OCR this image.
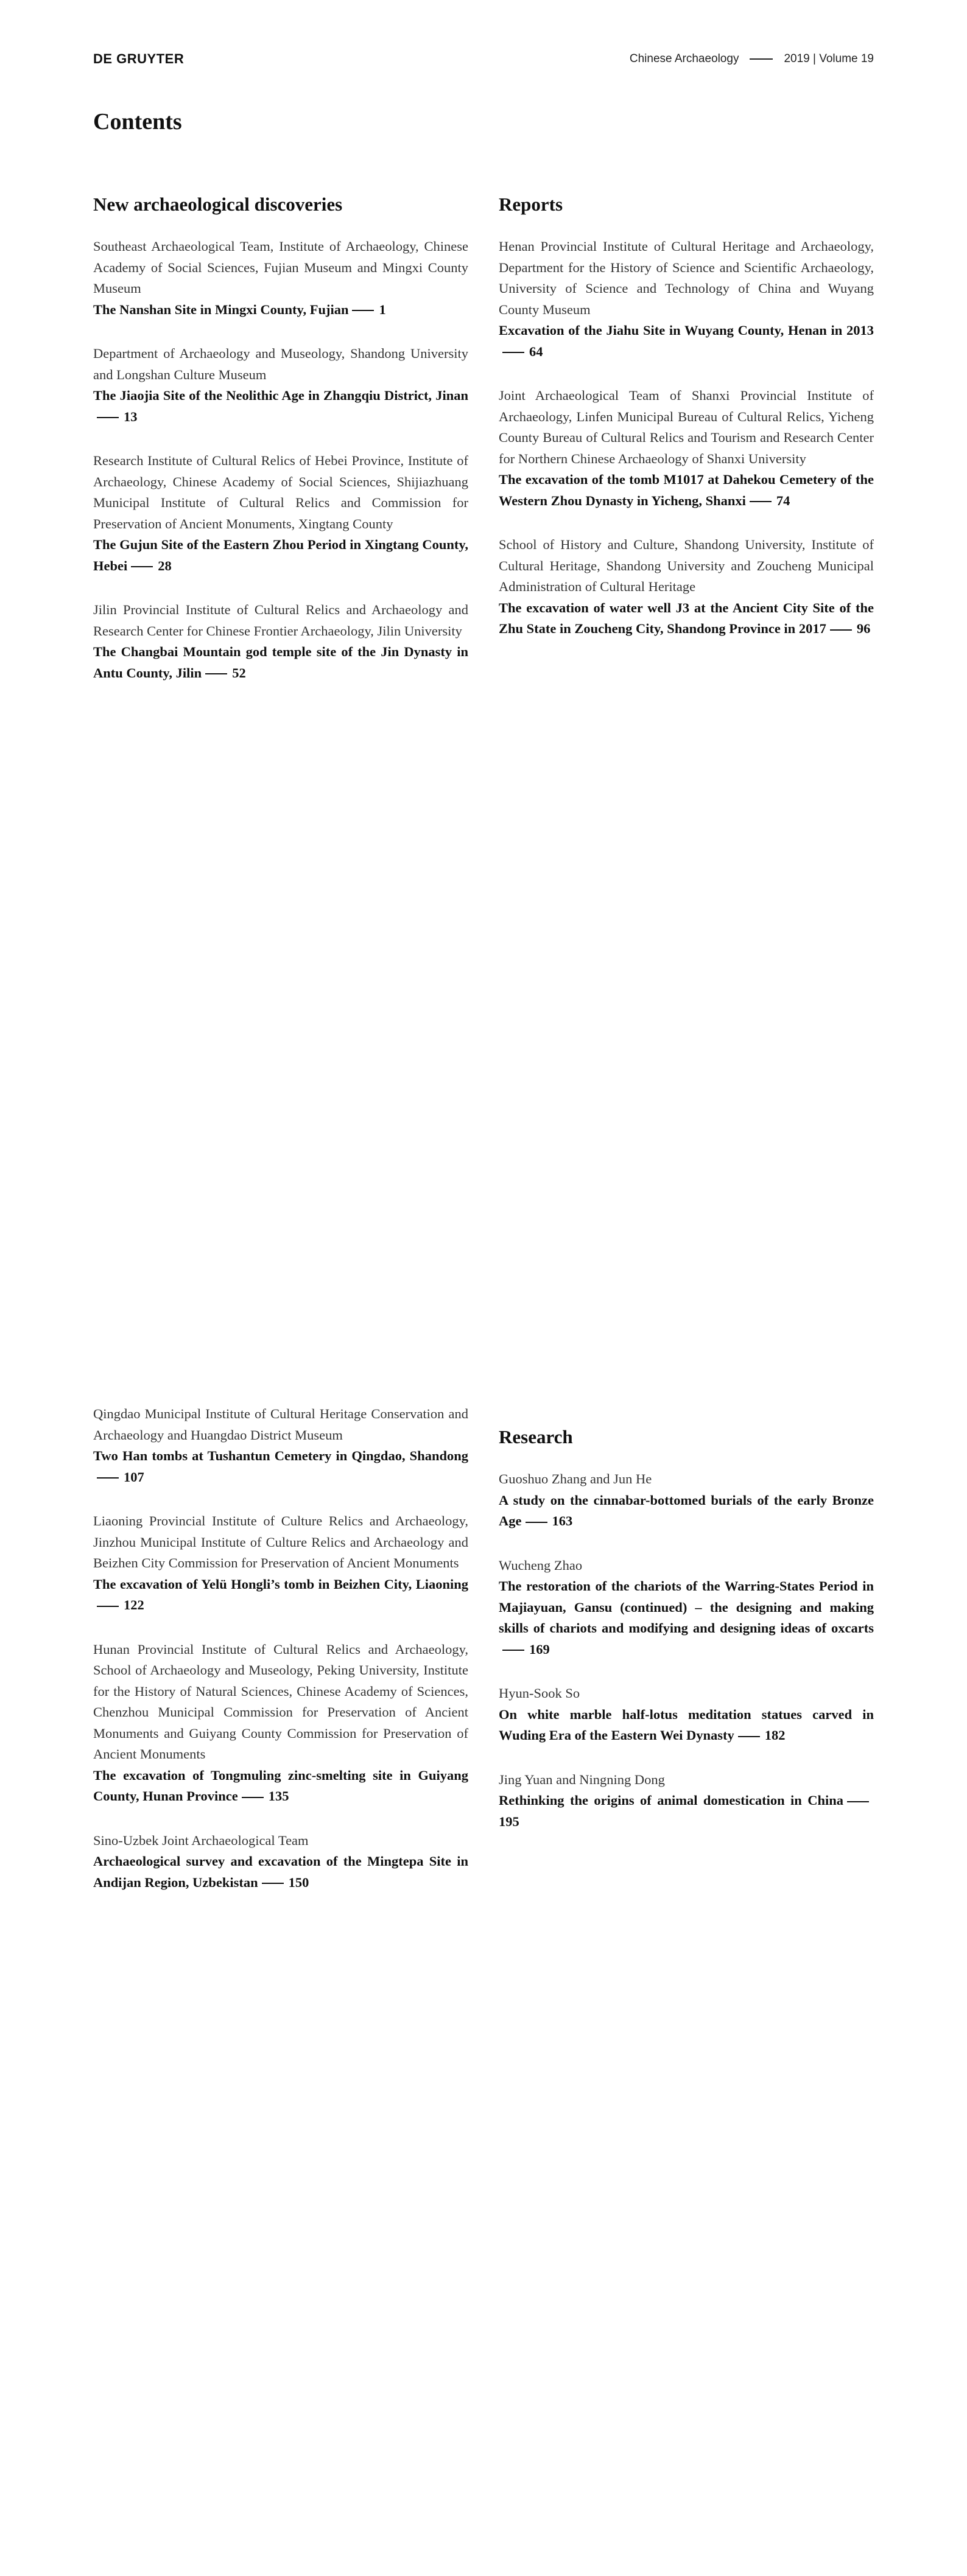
DE GRUYTER	Chinese Archaeology	2019 | Volume 19
Contents
New archaeological discoveries
Southeast Archaeological Team, Institute of Archaeology, Chinese Academy of Social Sciences, Fujian Museum and Mingxi County Museum
The Nanshan Site in Mingxi County, Fujian 1
Department of Archaeology and Museology, Shandong University and Longshan Culture Museum
The Jiaojia Site of the Neolithic Age in Zhangqiu District, Jinan13
Research Institute of Cultural Relics of Hebei Province, Institute of Archaeology, Chinese Academy of Social Sciences, Shijiazhuang Municipal Institute of Cultural Relics and Commission for Preservation of Ancient Monuments, Xingtang County
The Gujun Site of the Eastern Zhou Period in Xingtang County, Hebei 28
Jilin Provincial Institute of Cultural Relics and Archaeology and Research Center for Chinese Frontier Archaeology, Jilin University
The Changbai Mountain god temple site of the Jin Dynasty in Antu County, Jilin 52
Reports
Henan Provincial Institute of Cultural Heritage and Archaeology, Department for the History of Science and Scientific Archaeology, University of Science and Technology of China and Wuyang County Museum
Excavation of the Jiahu Site in Wuyang County, Henan in 201364
Joint Archaeological Team of Shanxi Provincial Institute of Archaeology, Linfen Municipal Bureau of Cultural Relics, Yicheng County Bureau of Cultural Relics and Tourism and Research Center for Northern Chinese Archaeology of Shanxi University
The excavation of the tomb M1017 at Dahekou Cemetery of the Western Zhou Dynasty in Yicheng, Shanxi 74
School of History and Culture, Shandong University, Institute of Cultural Heritage, Shandong University and Zoucheng Municipal Administration of Cultural Heritage
The excavation of water well J3 at the Ancient City Site of the Zhu State in Zoucheng City, Shandong Province in 2017 96
Qingdao Municipal Institute of Cultural Heritage Conservation and Archaeology and Huangdao District Museum
Two Han tombs at Tushantun Cemetery in Qingdao, Shandong107
Liaoning Provincial Institute of Culture Relics and Archaeology, Jinzhou Municipal Institute of Culture Relics and Archaeology and Beizhen City Commission for Preservation of Ancient Monuments
The excavation of Yelü Hongli’s tomb in Beizhen City, Liaoning122
Hunan Provincial Institute of Cultural Relics and Archaeology, School of Archaeology and Museology, Peking University, Institute for the History of Natural Sciences, Chinese Academy of Sciences, Chenzhou Municipal Commission for Preservation of Ancient Monuments and Guiyang County Commission for Preservation of Ancient Monuments
The excavation of Tongmuling zinc-smelting site in Guiyang County, Hunan Province 135
Sino-Uzbek Joint Archaeological Team
Archaeological survey and excavation of the Mingtepa Site in Andijan Region, Uzbekistan 150
Research
Guoshuo Zhang and Jun He
A study on the cinnabar-bottomed burials of the early Bronze Age 163
Wucheng Zhao
The restoration of the chariots of the Warring-States Period in Majiayuan, Gansu (continued) – the designing and making skills of chariots and modifying and designing ideas of oxcarts169
Hyun-Sook So
On white marble half-lotus meditation statues carved in Wuding Era of the Eastern Wei Dynasty 182
Jing Yuan and Ningning Dong
Rethinking the origins of animal domestication in China195
